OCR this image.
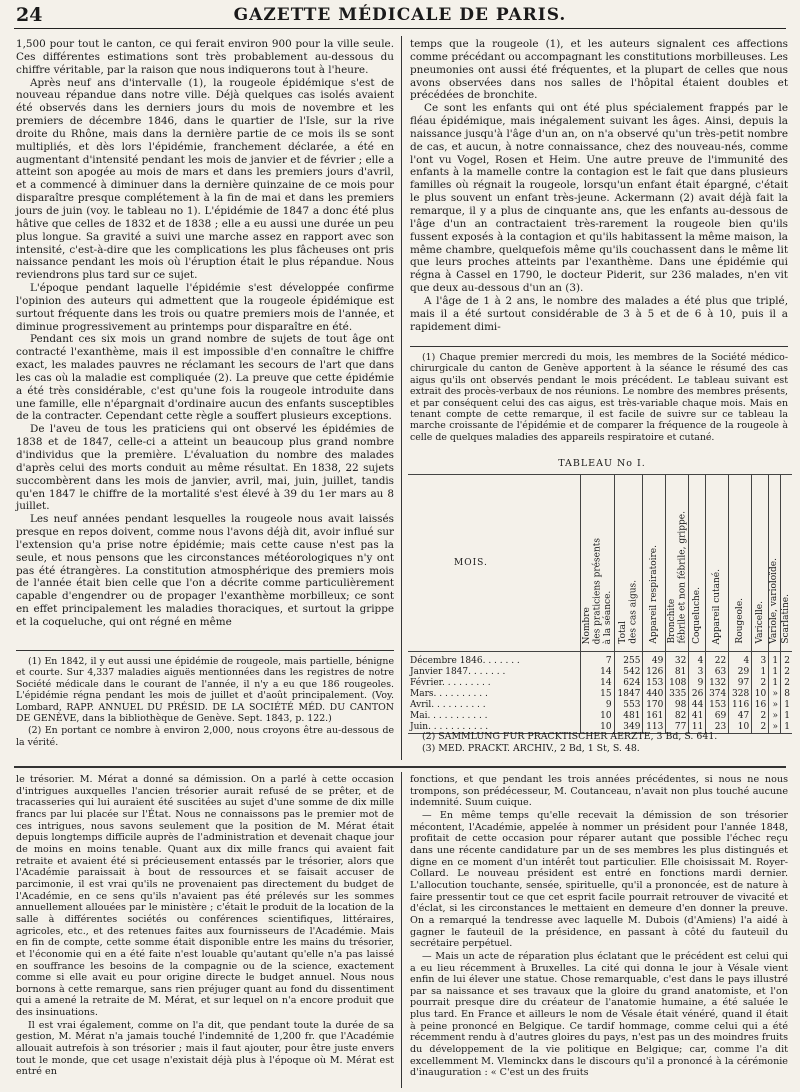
24	GAZETTE MÉDICALE DE PARIS.

1,500 pour tout le canton, ce qui ferait environ 900 pour la ville seule. Ces différentes estimations sont très probablement au-dessous du chiffre véritable, par la raison que nous indiquerons tout à l'heure.

Après neuf ans d'intervalle (1), la rougeole épidémique s'est de nouveau répandue dans notre ville. Déjà quelques cas isolés avaient été observés dans les derniers jours du mois de novembre et les premiers de décembre 1846, dans le quartier de l'Isle, sur la rive droite du Rhône, mais dans la dernière partie de ce mois ils se sont multipliés, et dès lors l'épidémie, franchement déclarée, a été en augmentant d'intensité pendant les mois de janvier et de février ; elle a atteint son apogée au mois de mars et dans les premiers jours d'avril, et a commencé à diminuer dans la dernière quinzaine de ce mois pour disparaître presque complétement à la fin de mai et dans les premiers jours de juin (voy. le tableau no 1). L'épidémie de 1847 a donc été plus hâtive que celles de 1832 et de 1838 ; elle a eu aussi une durée un peu plus longue. Sa gravité a suivi une marche assez en rapport avec son intensité, c'est-à-dire que les complications les plus fâcheuses ont pris naissance pendant les mois où l'éruption était le plus répandue. Nous reviendrons plus tard sur ce sujet.

L'époque pendant laquelle l'épidémie s'est développée confirme l'opinion des auteurs qui admettent que la rougeole épidémique est surtout fréquente dans les trois ou quatre premiers mois de l'année, et diminue progressivement au printemps pour disparaître en été.

Pendant ces six mois un grand nombre de sujets de tout âge ont contracté l'exanthème, mais il est impossible d'en connaître le chiffre exact, les malades pauvres ne réclamant les secours de l'art que dans les cas où la maladie est compliquée (2). La preuve que cette épidémie a été très considérable, c'est qu'une fois la rougeole introduite dans une famille, elle n'épargnait d'ordinaire aucun des enfants susceptibles de la contracter. Cependant cette règle a souffert plusieurs exceptions.

De l'aveu de tous les praticiens qui ont observé les épidémies de 1838 et de 1847, celle-ci a atteint un beaucoup plus grand nombre d'individus que la première. L'évaluation du nombre des malades d'après celui des morts conduit au même résultat. En 1838, 22 sujets succombèrent dans les mois de janvier, avril, mai, juin, juillet, tandis qu'en 1847 le chiffre de la mortalité s'est élevé à 39 du 1er mars au 8 juillet.

Les neuf années pendant lesquelles la rougeole nous avait laissés presque en repos doivent, comme nous l'avons déjà dit, avoir influé sur l'extension qu'a prise notre épidémie; mais cette cause n'est pas la seule, et nous pensons que les circonstances météorologiques n'y ont pas été étrangères. La constitution atmosphérique des premiers mois de l'année était bien celle que l'on a décrite comme particulièrement capable d'engendrer ou de propager l'exanthème morbilleux; ce sont en effet principalement les maladies thoraciques, et surtout la grippe et la coqueluche, qui ont régné en même

(1) En 1842, il y eut aussi une épidémie de rougeole, mais partielle, bénigne et courte. Sur 4,337 maladies aiguës mentionnées dans les registres de notre Société médicale dans le courant de l'année, il n'y a eu que 186 rougeoles. L'épidémie régna pendant les mois de juillet et d'août principalement. (Voy. Lombard, RAPP. ANNUEL DU PRÉSID. DE LA SOCIÉTÉ MÉD. DU CANTON DE GENÈVE, dans la bibliothèque de Genève. Sept. 1843, p. 122.)

(2) En portant ce nombre à environ 2,000, nous croyons être au-dessous de la vérité.

temps que la rougeole (1), et les auteurs signalent ces affections comme précédant ou accompagnant les constitutions morbilleuses. Les pneumonies ont aussi été fréquentes, et la plupart de celles que nous avons observées dans nos salles de l'hôpital étaient doubles et précédées de bronchite.

Ce sont les enfants qui ont été plus spécialement frappés par le fléau épidémique, mais inégalement suivant les âges. Ainsi, depuis la naissance jusqu'à l'âge d'un an, on n'a observé qu'un très-petit nombre de cas, et aucun, à notre connaissance, chez des nouveau-nés, comme l'ont vu Vogel, Rosen et Heim. Une autre preuve de l'immunité des enfants à la mamelle contre la contagion est le fait que dans plusieurs familles où régnait la rougeole, lorsqu'un enfant était épargné, c'était le plus souvent un enfant très-jeune. Ackermann (2) avait déjà fait la remarque, il y a plus de cinquante ans, que les enfants au-dessous de l'âge d'un an contractaient très-rarement la rougeole bien qu'ils fussent exposés à la contagion et qu'ils habitassent la même maison, la même chambre, quelquefois même qu'ils couchassent dans le même lit que leurs proches atteints par l'exanthème. Dans une épidémie qui régna à Cassel en 1790, le docteur Piderit, sur 236 malades, n'en vit que deux au-dessous d'un an (3).

A l'âge de 1 à 2 ans, le nombre des malades a été plus que triplé, mais il a été surtout considérable de 3 à 5 et de 6 à 10, puis il a rapidement dimi-

(1) Chaque premier mercredi du mois, les membres de la Société médico-chirurgicale du canton de Genève apportent à la séance le résumé des cas aigus qu'ils ont observés pendant le mois précédent. Le tableau suivant est extrait des procès-verbaux de nos réunions. Le nombre des membres présents, et par conséquent celui des cas aigus, est très-variable chaque mois. Mais en tenant compte de cette remarque, il est facile de suivre sur ce tableau la marche croissante de l'épidémie et de comparer la fréquence de la rougeole à celle de quelques maladies des appareils respiratoire et cutané.

TABLEAU No I.
MOIS.	Nombre
des praticiens présents
à la séance.	Total
des cas aigus.	Appareil respiratoire.	Bronchite
fébrile et non fébrile, grippe.	Coqueluche.	Appareil cutané.	Rougeole.	Varicelle.	Variole, varioloïde.	Scarlatine.
Décembre 1846. . . . . . .	7	255	49	32	4	22	4	3	1	2
Janvier 1847. . . . . . .	14	542	126	81	3	63	29	1	1	2
Février. . . . . . . . .	14	624	153	108	9	132	97	2	1	2
Mars. . . . . . . . . .	15	1847	440	335	26	374	328	10	»	8
Avril. . . . . . . . . .	9	553	170	98	44	153	116	16	»	1
Mai. . . . . . . . . . .	10	481	161	82	41	69	47	2	»	1
Juin. . . . . . . . . . .	10	349	113	77	11	23	10	2	»	1

(2) SAMMLUNG FUR PRACKTISCHER AERZTE, 3 Bd, S. 641.

(3) MED. PRACKT. ARCHIV., 2 Bd, 1 St, S. 48.

le trésorier. M. Mérat a donné sa démission. On a parlé à cette occasion d'intrigues auxquelles l'ancien trésorier aurait refusé de se prêter, et de tracasseries qui lui auraient été suscitées au sujet d'une somme de dix mille francs par lui placée sur l'État. Nous ne connaissons pas le premier mot de ces intrigues, nous savons seulement que la position de M. Mérat était depuis longtemps difficile auprès de l'administration et devenait chaque jour de moins en moins tenable. Quant aux dix mille francs qui avaient fait retraite et avaient été si précieusement entassés par le trésorier, alors que l'Académie paraissait à bout de ressources et se faisait accuser de parcimonie, il est vrai qu'ils ne provenaient pas directement du budget de l'Académie, en ce sens qu'ils n'avaient pas été prélevés sur les sommes annuellement allouées par le ministère ; c'était le produit de la location de la salle à différentes sociétés ou conférences scientifiques, littéraires, agricoles, etc., et des retenues faites aux fournisseurs de l'Académie. Mais en fin de compte, cette somme était disponible entre les mains du trésorier, et l'économie qui en a été faite n'est louable qu'autant qu'elle n'a pas laissé en souffrance les besoins de la compagnie ou de la science, exactement comme si elle avait eu pour origine directe le budget annuel. Nous nous bornons à cette remarque, sans rien préjuger quant au fond du dissentiment qui a amené la retraite de M. Mérat, et sur lequel on n'a encore produit que des insinuations.

Il est vrai également, comme on l'a dit, que pendant toute la durée de sa gestion, M. Mérat n'a jamais touché l'indemnité de 1,200 fr. que l'Académie allouait autrefois à son trésorier ; mais il faut ajouter, pour être juste envers tout le monde, que cet usage n'existait déjà plus à l'époque où M. Mérat est entré en

fonctions, et que pendant les trois années précédentes, si nous ne nous trompons, son prédécesseur, M. Coutanceau, n'avait non plus touché aucune indemnité. Suum cuique.

— En même temps qu'elle recevait la démission de son trésorier mécontent, l'Académie, appelée à nommer un président pour l'année 1848, profitait de cette occasion pour réparer autant que possible l'échec reçu dans une récente candidature par un de ses membres les plus distingués et digne en ce moment d'un intérêt tout particulier. Elle choisissait M. Royer-Collard. Le nouveau président est entré en fonctions mardi dernier. L'allocution touchante, sensée, spirituelle, qu'il a prononcée, est de nature à faire pressentir tout ce que cet esprit facile pourrait retrouver de vivacité et d'éclat, si les circonstances le mettaient en demeure d'en donner la preuve. On a remarqué la tendresse avec laquelle M. Dubois (d'Amiens) l'a aidé à gagner le fauteuil de la présidence, en passant à côté du fauteuil du secrétaire perpétuel.

— Mais un acte de réparation plus éclatant que le précédent est celui qui a eu lieu récemment à Bruxelles. La cité qui donna le jour à Vésale vient enfin de lui élever une statue. Chose remarquable, c'est dans le pays illustré par sa naissance et ses travaux que la gloire du grand anatomiste, et l'on pourrait presque dire du créateur de l'anatomie humaine, a été saluée le plus tard. En France et ailleurs le nom de Vésale était vénéré, quand il était à peine prononcé en Belgique. Ce tardif hommage, comme celui qui a été récemment rendu à d'autres gloires du pays, n'est pas un des moindres fruits du développement de la vie politique en Belgique; car, comme l'a dit excellemment M. Vleminckx dans le discours qu'il a prononcé à la cérémonie d'inauguration : « C'est un des fruits
